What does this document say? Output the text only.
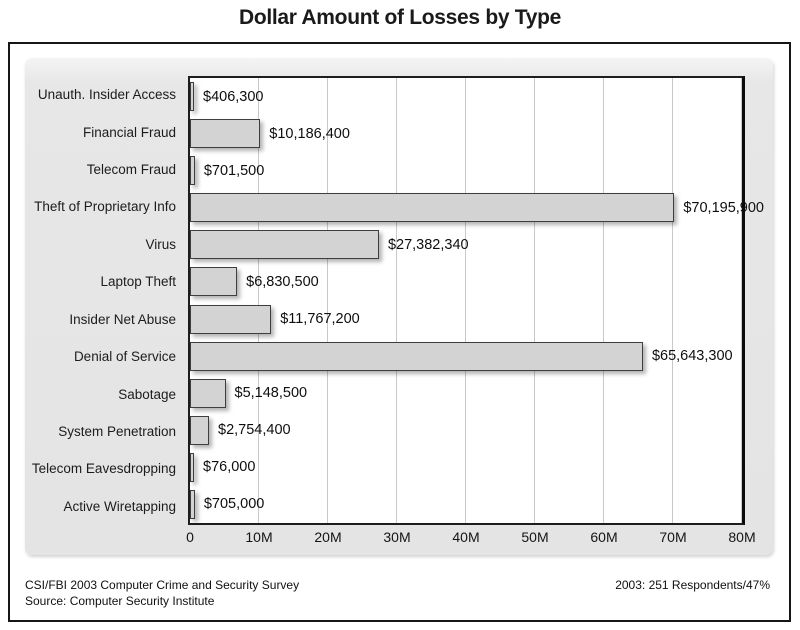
Dollar Amount of Losses by Type
Unauth. Insider Access
Financial Fraud
Telecom Fraud
Theft of Proprietary Info
Virus
Laptop Theft
Insider Net Abuse
Denial of Service
Sabotage
System Penetration
Telecom Eavesdropping
Active Wiretapping
$406,300
$10,186,400
$701,500
$70,195,900
$27,382,340
$6,830,500
$11,767,200
$65,643,300
$5,148,500
$2,754,400
$76,000
$705,000
0	10M	20M	30M	40M	50M	60M	70M	80M
CSI/FBI 2003 Computer Crime and Security Survey
Source: Computer Security Institute
2003: 251 Respondents/47%
